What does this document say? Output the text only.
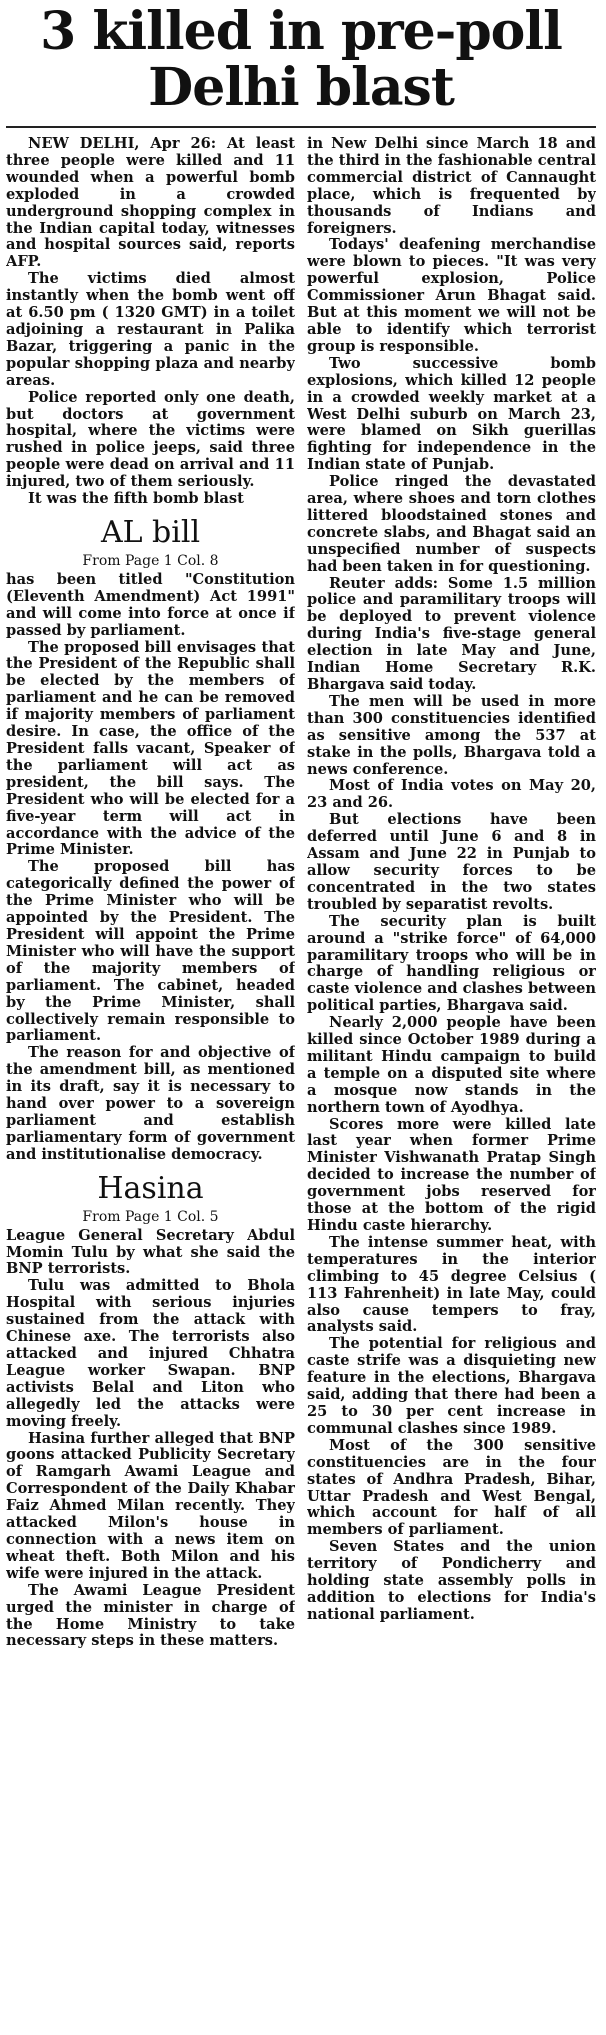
3 killed in pre-poll
Delhi blast

NEW DELHI, Apr 26: At least three people were killed and 11 wounded when a powerful bomb exploded in a crowded underground shopping complex in the Indian capital today, witnesses and hospital sources said, reports AFP.

The victims died almost instantly when the bomb went off at 6.50 pm ( 1320 GMT) in a toilet adjoining a restaurant in Palika Bazar, triggering a panic in the popular shopping plaza and nearby areas.

Police reported only one death, but doctors at government hospital, where the victims were rushed in police jeeps, said three people were dead on arrival and 11 injured, two of them seriously.

It was the fifth bomb blast

AL bill
From Page 1 Col. 8

has been titled "Constitution (Eleventh Amendment) Act 1991" and will come into force at once if passed by parliament.

The proposed bill envisages that the President of the Republic shall be elected by the members of parliament and he can be removed if majority members of parliament desire. In case, the office of the President falls vacant, Speaker of the parliament will act as president, the bill says. The President who will be elected for a five-year term will act in accordance with the advice of the Prime Minister.

The proposed bill has categorically defined the power of the Prime Minister who will be appointed by the President. The President will appoint the Prime Minister who will have the support of the majority members of parliament. The cabinet, headed by the Prime Minister, shall collectively remain responsible to parliament.

The reason for and objective of the amendment bill, as mentioned in its draft, say it is necessary to hand over power to a sovereign parliament and establish parliamentary form of government and institutionalise democracy.

Hasina
From Page 1 Col. 5

League General Secretary Abdul Momin Tulu by what she said the BNP terrorists.

Tulu was admitted to Bhola Hospital with serious injuries sustained from the attack with Chinese axe. The terrorists also attacked and injured Chhatra League worker Swapan. BNP activists Belal and Liton who allegedly led the attacks were moving freely.

Hasina further alleged that BNP goons attacked Publicity Secretary of Ramgarh Awami League and Correspondent of the Daily Khabar Faiz Ahmed Milan recently. They attacked Milon's house in connection with a news item on wheat theft. Both Milon and his wife were injured in the attack.

The Awami League President urged the minister in charge of the Home Ministry to take necessary steps in these matters.

in New Delhi since March 18 and the third in the fashionable central commercial district of Cannaught place, which is frequented by thousands of Indians and foreigners.

Todays' deafening merchandise were blown to pieces. "It was very powerful explosion, Police Commissioner Arun Bhagat said. But at this moment we will not be able to identify which terrorist group is responsible.

Two successive bomb explosions, which killed 12 people in a crowded weekly market at a West Delhi suburb on March 23, were blamed on Sikh guerillas fighting for independence in the Indian state of Punjab.

Police ringed the devastated area, where shoes and torn clothes littered bloodstained stones and concrete slabs, and Bhagat said an unspecified number of suspects had been taken in for questioning.

Reuter adds: Some 1.5 million police and paramilitary troops will be deployed to prevent violence during India's five-stage general election in late May and June, Indian Home Secretary R.K. Bhargava said today.

The men will be used in more than 300 constituencies identified as sensitive among the 537 at stake in the polls, Bhargava told a news conference.

Most of India votes on May 20, 23 and 26.

But elections have been deferred until June 6 and 8 in Assam and June 22 in Punjab to allow security forces to be concentrated in the two states troubled by separatist revolts.

The security plan is built around a "strike force" of 64,000 paramilitary troops who will be in charge of handling religious or caste violence and clashes between political parties, Bhargava said.

Nearly 2,000 people have been killed since October 1989 during a militant Hindu campaign to build a temple on a disputed site where a mosque now stands in the northern town of Ayodhya.

Scores more were killed late last year when former Prime Minister Vishwanath Pratap Singh decided to increase the number of government jobs reserved for those at the bottom of the rigid Hindu caste hierarchy.

The intense summer heat, with temperatures in the interior climbing to 45 degree Celsius ( 113 Fahrenheit) in late May, could also cause tempers to fray, analysts said.

The potential for religious and caste strife was a disquieting new feature in the elections, Bhargava said, adding that there had been a 25 to 30 per cent increase in communal clashes since 1989.

Most of the 300 sensitive constituencies are in the four states of Andhra Pradesh, Bihar, Uttar Pradesh and West Bengal, which account for half of all members of parliament.

Seven States and the union territory of Pondicherry and holding state assembly polls in addition to elections for India's national parliament.
